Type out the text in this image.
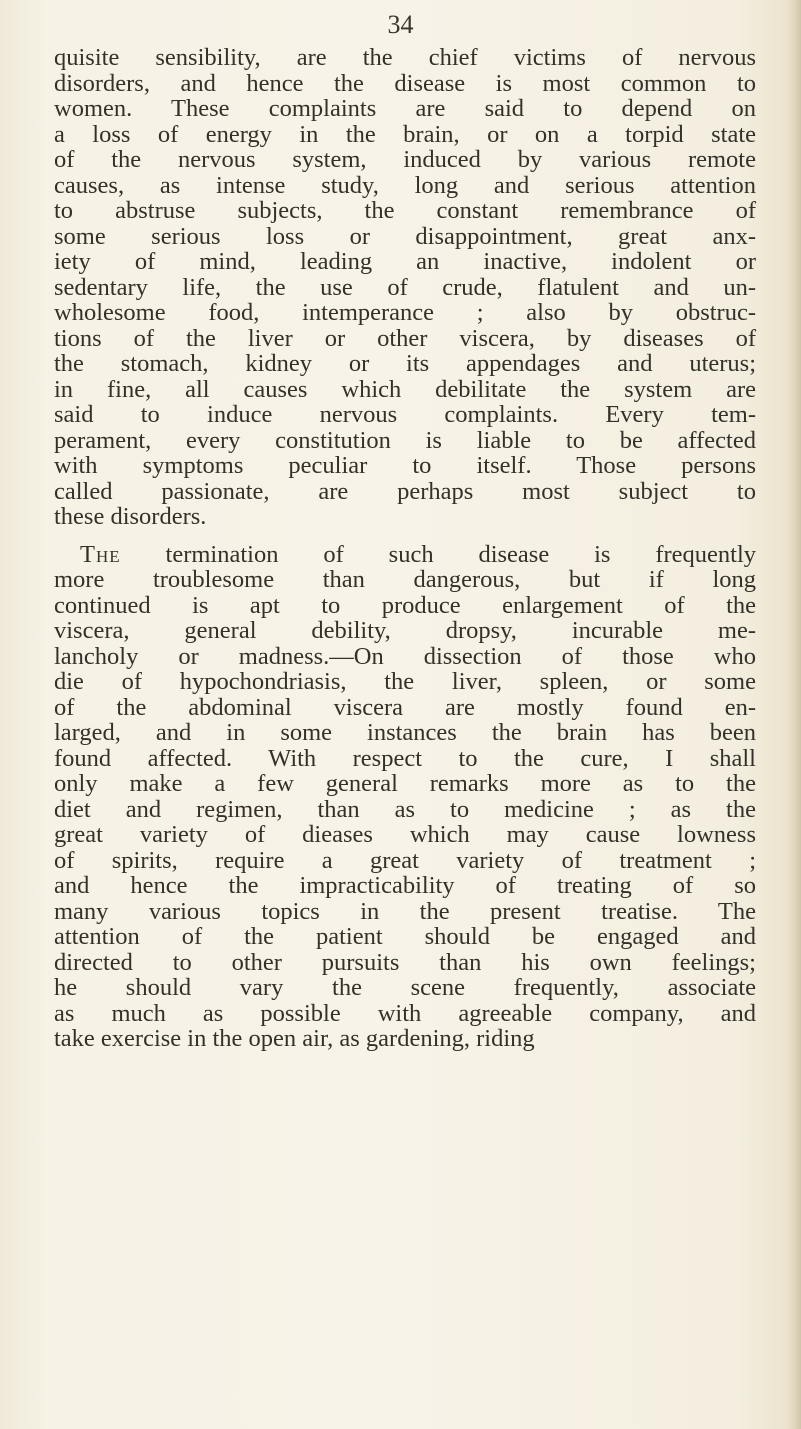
34
quisite sensibility, are the chief victims of nervous
disorders, and hence the disease is most common to
women. These complaints are said to depend on
a loss of energy in the brain, or on a torpid state
of the nervous system, induced by various remote
causes, as intense study, long and serious attention
to abstruse subjects, the constant remembrance of
some serious loss or disappointment, great anx-
iety of mind, leading an inactive, indolent or
sedentary life, the use of crude, flatulent and un-
wholesome food, intemperance ; also by obstruc-
tions of the liver or other viscera, by diseases of
the stomach, kidney or its appendages and uterus;
in fine, all causes which debilitate the system are
said to induce nervous complaints. Every tem-
perament, every constitution is liable to be affected
with symptoms peculiar to itself. Those persons
called passionate, are perhaps most subject to
these disorders.
The termination of such disease is frequently
more troublesome than dangerous, but if long
continued is apt to produce enlargement of the
viscera, general debility, dropsy, incurable me-
lancholy or madness.—On dissection of those who
die of hypochondriasis, the liver, spleen, or some
of the abdominal viscera are mostly found en-
larged, and in some instances the brain has been
found affected. With respect to the cure, I shall
only make a few general remarks more as to the
diet and regimen, than as to medicine ; as the
great variety of dieases which may cause lowness
of spirits, require a great variety of treatment ;
and hence the impracticability of treating of so
many various topics in the present treatise. The
attention of the patient should be engaged and
directed to other pursuits than his own feelings;
he should vary the scene frequently, associate
as much as possible with agreeable company, and
take exercise in the open air, as gardening, riding
